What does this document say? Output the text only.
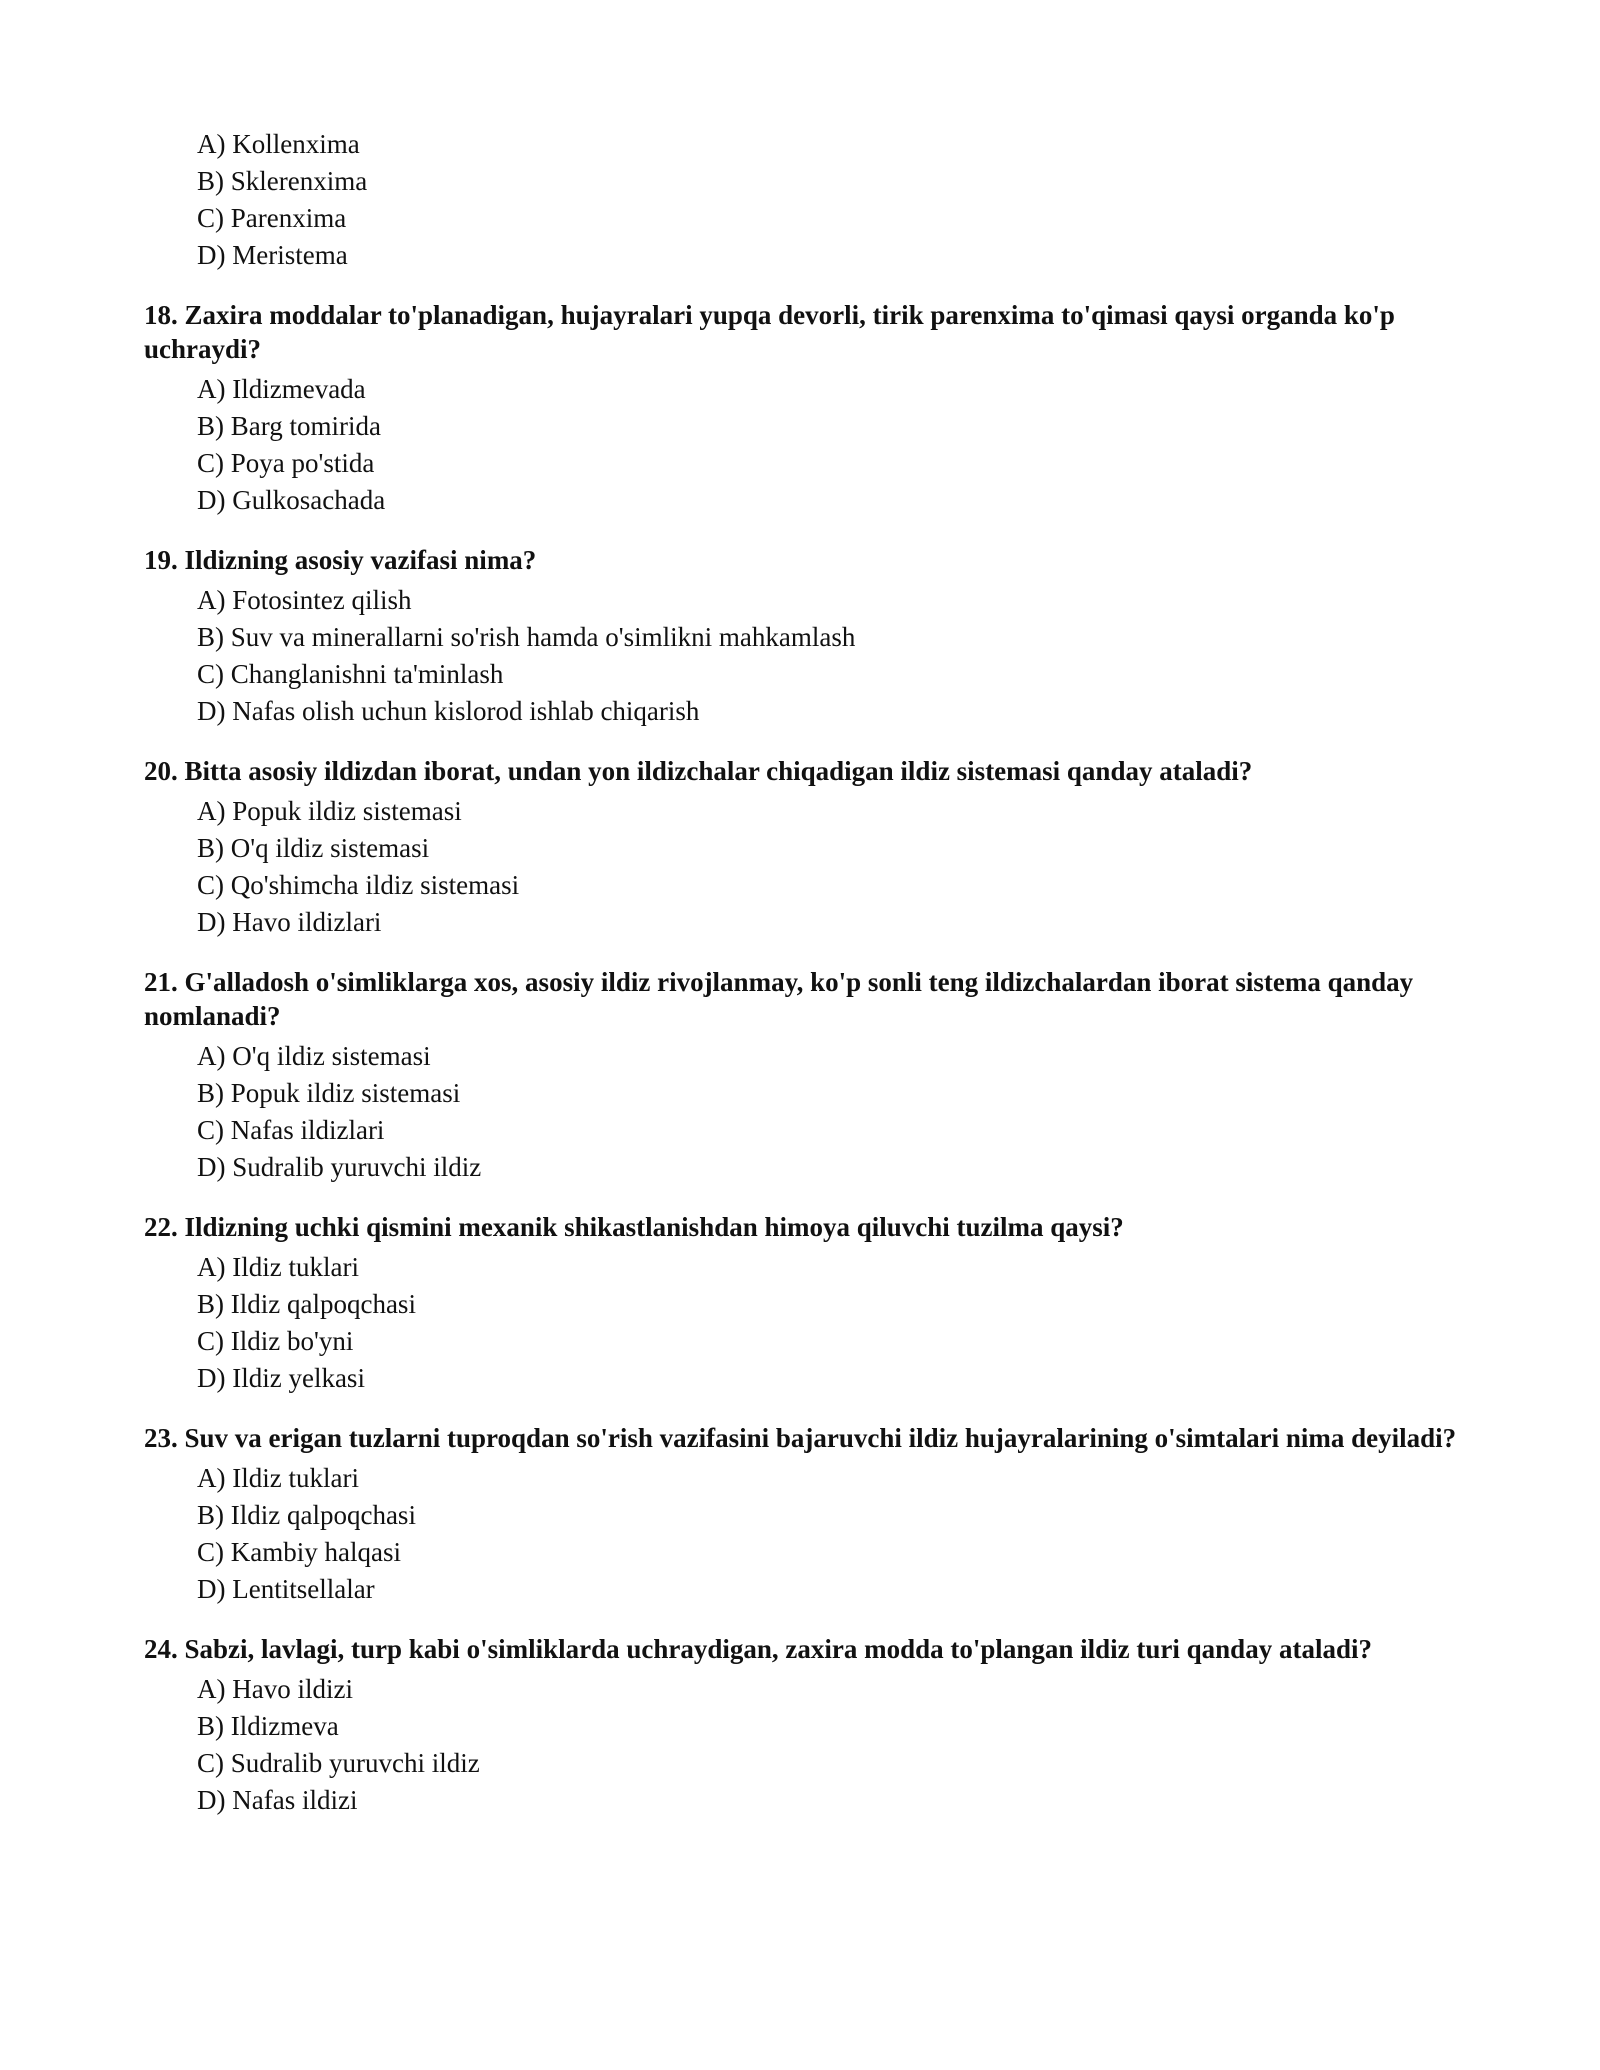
A) Kollenxima
B) Sklerenxima
C) Parenxima
D) Meristema

18. Zaxira moddalar to'planadigan, hujayralari yupqa devorli, tirik parenxima to'qimasi qaysi organda ko'p uchraydi?

A) Ildizmevada
B) Barg tomirida
C) Poya po'stida
D) Gulkosachada

19. Ildizning asosiy vazifasi nima?

A) Fotosintez qilish
B) Suv va minerallarni so'rish hamda o'simlikni mahkamlash
C) Changlanishni ta'minlash
D) Nafas olish uchun kislorod ishlab chiqarish

20. Bitta asosiy ildizdan iborat, undan yon ildizchalar chiqadigan ildiz sistemasi qanday ataladi?

A) Popuk ildiz sistemasi
B) O'q ildiz sistemasi
C) Qo'shimcha ildiz sistemasi
D) Havo ildizlari

21. G'alladosh o'simliklarga xos, asosiy ildiz rivojlanmay, ko'p sonli teng ildizchalardan iborat sistema qanday nomlanadi?

A) O'q ildiz sistemasi
B) Popuk ildiz sistemasi
C) Nafas ildizlari
D) Sudralib yuruvchi ildiz

22. Ildizning uchki qismini mexanik shikastlanishdan himoya qiluvchi tuzilma qaysi?

A) Ildiz tuklari
B) Ildiz qalpoqchasi
C) Ildiz bo'yni
D) Ildiz yelkasi

23. Suv va erigan tuzlarni tuproqdan so'rish vazifasini bajaruvchi ildiz hujayralarining o'simtalari nima deyiladi?

A) Ildiz tuklari
B) Ildiz qalpoqchasi
C) Kambiy halqasi
D) Lentitsellalar

24. Sabzi, lavlagi, turp kabi o'simliklarda uchraydigan, zaxira modda to'plangan ildiz turi qanday ataladi?

A) Havo ildizi
B) Ildizmeva
C) Sudralib yuruvchi ildiz
D) Nafas ildizi
